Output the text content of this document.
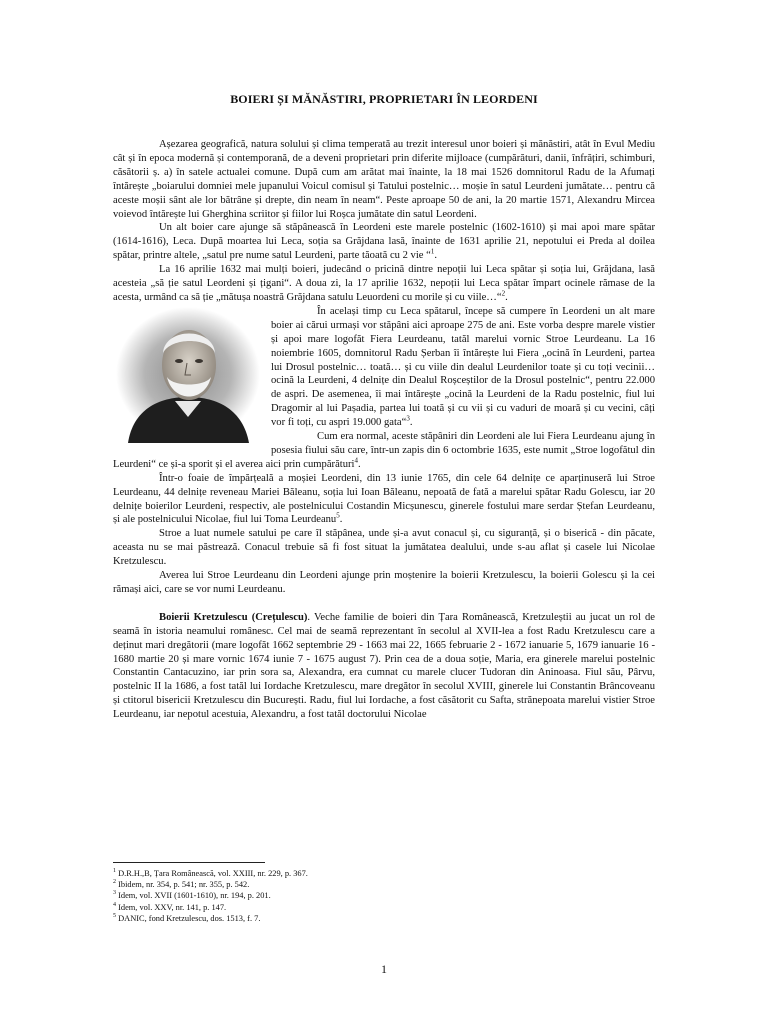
BOIERI ȘI MĂNĂSTIRI, PROPRIETARI ÎN LEORDENI

Așezarea geografică, natura solului și clima temperată au trezit interesul unor boieri și mănăstiri, atât în Evul Mediu cât și în epoca modernă și contemporană, de a deveni proprietari prin diferite mijloace (cumpărături, danii, înfrățiri, schimburi, căsătorii ș. a) în satele actualei comune. După cum am arătat mai înainte, la 18 mai 1526 domnitorul Radu de la Afumați întărește „boiarului domniei mele jupanului Voicul comisul și Tatului postelnic… moșie în satul Leurdeni jumătate… pentru că aceste moșii sânt ale lor bătrâne și drepte, din neam în neam“. Peste aproape 50 de ani, la 20 martie 1571, Alexandru Mircea voievod întărește lui Gherghina scriitor și fiilor lui Roșca jumătate din satul Leordeni.

Un alt boier care ajunge să stăpânească în Leordeni este marele postelnic (1602-1610) și mai apoi mare spătar (1614-1616), Leca. După moartea lui Leca, soția sa Grăjdana lasă, înainte de 1631 aprilie 21, nepotului ei Preda al doilea spătar, printre altele, „satul pre nume satul Leurdeni, parte tăoată cu 2 vie “$^1$.

La 16 aprilie 1632 mai mulți boieri, judecând o pricină dintre nepoții lui Leca spătar și soția lui, Grăjdana, lasă acesteia „să ție satul Leordeni și țigani“. A doua zi, la 17 aprilie 1632, nepoții lui Leca spătar împart ocinele rămase de la acesta, urmând ca să ție „mătușa noastră Grăjdana satulu Leuordeni cu morile și cu viile…“$^2$.

În același timp cu Leca spătarul, începe să cumpere în Leordeni un alt mare boier ai cărui urmași vor stăpâni aici aproape 275 de ani. Este vorba despre marele vistier și apoi mare logofăt Fiera Leurdeanu, tatăl marelui vornic Stroe Leurdeanu. La 16 noiembrie 1605, domnitorul Radu Șerban îi întărește lui Fiera „ocină în Leurdeni, partea lui Drosul postelnic… toată… și cu viile din dealul Leurdenilor toate și cu toți vecinii… ocină la Leurdeni, 4 delnițe din Dealul Roșceștilor de la Drosul postelnic“, pentru 22.000 de aspri. De asemenea, îi mai întărește „ocină la Leurdeni de la Radu postelnic, fiul lui Dragomir al lui Pașadia, partea lui toată și cu vii și cu vaduri de moară și cu vecini, câți vor fi toți, cu aspri 19.000 gata“$^3$.

Cum era normal, aceste stăpâniri din Leordeni ale lui Fiera Leurdeanu ajung în posesia fiului său care, într-un zapis din 6 octombrie 1635, este numit „Stroe logofătul din Leurdeni“ ce și-a sporit și el averea aici prin cumpărături$^4$.

Într-o foaie de împărțeală a moșiei Leordeni, din 13 iunie 1765, din cele 64 delnițe ce aparținuseră lui Stroe Leurdeanu, 44 delnițe reveneau Mariei Băleanu, soția lui Ioan Băleanu, nepoată de fată a marelui spătar Radu Golescu, iar 20 delnițe boierilor Leurdeni, respectiv, ale postelnicului Costandin Micșunescu, ginerele fostului mare serdar Ștefan Leurdeanu, și ale postelnicului Nicolae, fiul lui Toma Leurdeanu$^5$.

Stroe a luat numele satului pe care îl stăpânea, unde și-a avut conacul și, cu siguranță, și o biserică - din păcate, aceasta nu se mai păstrează. Conacul trebuie să fi fost situat la jumătatea dealului, unde s-au aflat și casele lui Nicolae Kretzulescu.

Averea lui Stroe Leurdeanu din Leordeni ajunge prin moștenire la boierii Kretzulescu, la boierii Golescu și la cei rămași aici, care se vor numi Leurdeanu.

Boierii Kretzulescu (Crețulescu). Veche familie de boieri din Țara Românească, Kretzuleștii au jucat un rol de seamă în istoria neamului românesc. Cel mai de seamă reprezentant în secolul al XVII-lea a fost Radu Kretzulescu care a deținut mari dregătorii (mare logofăt 1662 septembrie 29 - 1663 mai 22, 1665 februarie 2 - 1672 ianuarie 5, 1679 ianuarie 16 - 1680 martie 20 și mare vornic 1674 iunie 7 - 1675 august 7). Prin cea de a doua soție, Maria, era ginerele marelui postelnic Constantin Cantacuzino, iar prin sora sa, Alexandra, era cumnat cu marele clucer Tudoran din Aninoasa. Fiul său, Pârvu, postelnic II la 1686, a fost tatăl lui Iordache Kretzulescu, mare dregător în secolul XVIII, ginerele lui Constantin Brâncoveanu și ctitorul bisericii Kretzulescu din București. Radu, fiul lui Iordache, a fost căsătorit cu Safta, strănepoata marelui vistier Stroe Leurdeanu, iar nepotul acestuia, Alexandru, a fost tatăl doctorului Nicolae

$^1$ D.R.H.,B, Țara Românească, vol. XXIII, nr. 229, p. 367.
$^2$ Ibidem, nr. 354, p. 541; nr. 355, p. 542.
$^3$ Idem, vol. XVII (1601-1610), nr. 194, p. 201.
$^4$ Idem, vol. XXV, nr. 141, p. 147.
$^5$ DANIC, fond Kretzulescu, dos. 1513, f. 7.
1
